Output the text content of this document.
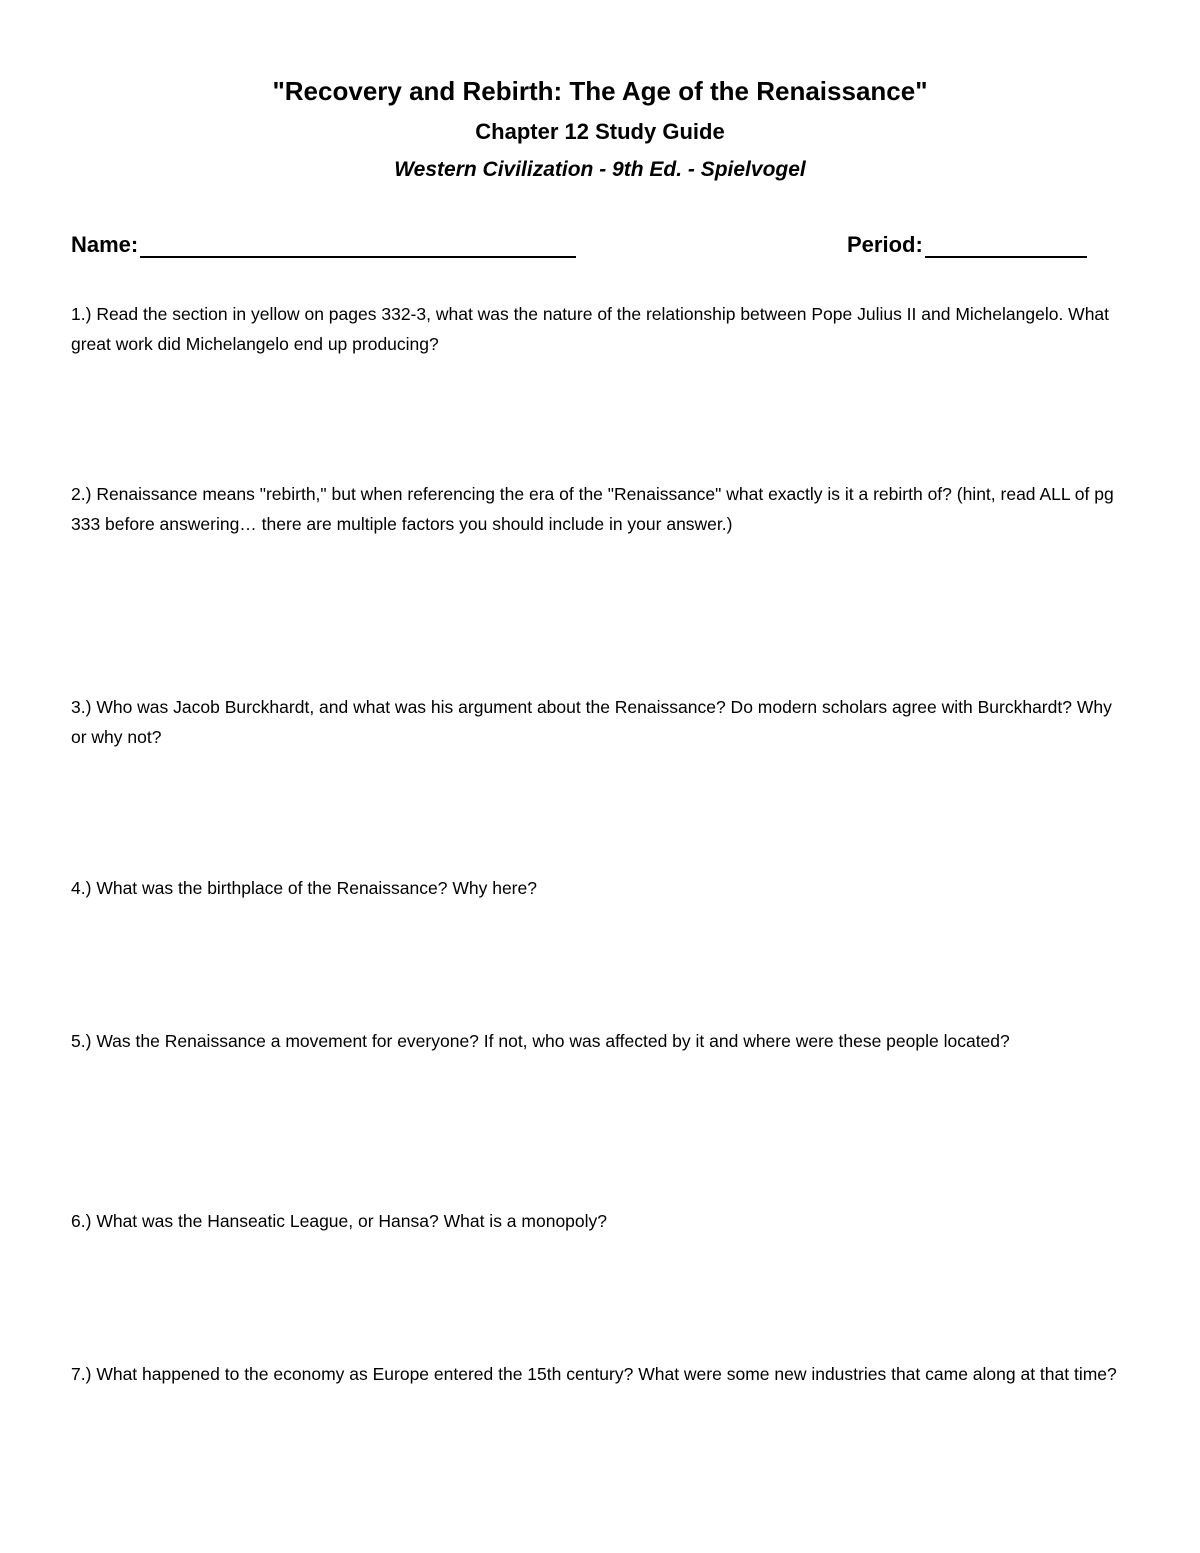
"Recovery and Rebirth: The Age of the Renaissance"
Chapter 12 Study Guide
Western Civilization - 9th Ed. - Spielvogel
Name:	Period:
1.) Read the section in yellow on pages 332-3, what was the nature of the relationship between Pope Julius II and Michelangelo. What great work did Michelangelo end up producing?
2.) Renaissance means "rebirth," but when referencing the era of the "Renaissance" what exactly is it a rebirth of? (hint, read ALL of pg 333 before answering… there are multiple factors you should include in your answer.)
3.) Who was Jacob Burckhardt, and what was his argument about the Renaissance? Do modern scholars agree with Burckhardt? Why or why not?
4.) What was the birthplace of the Renaissance? Why here?
5.) Was the Renaissance a movement for everyone? If not, who was affected by it and where were these people located?
6.) What was the Hanseatic League, or Hansa? What is a monopoly?
7.) What happened to the economy as Europe entered the 15th century? What were some new industries that came along at that time?
